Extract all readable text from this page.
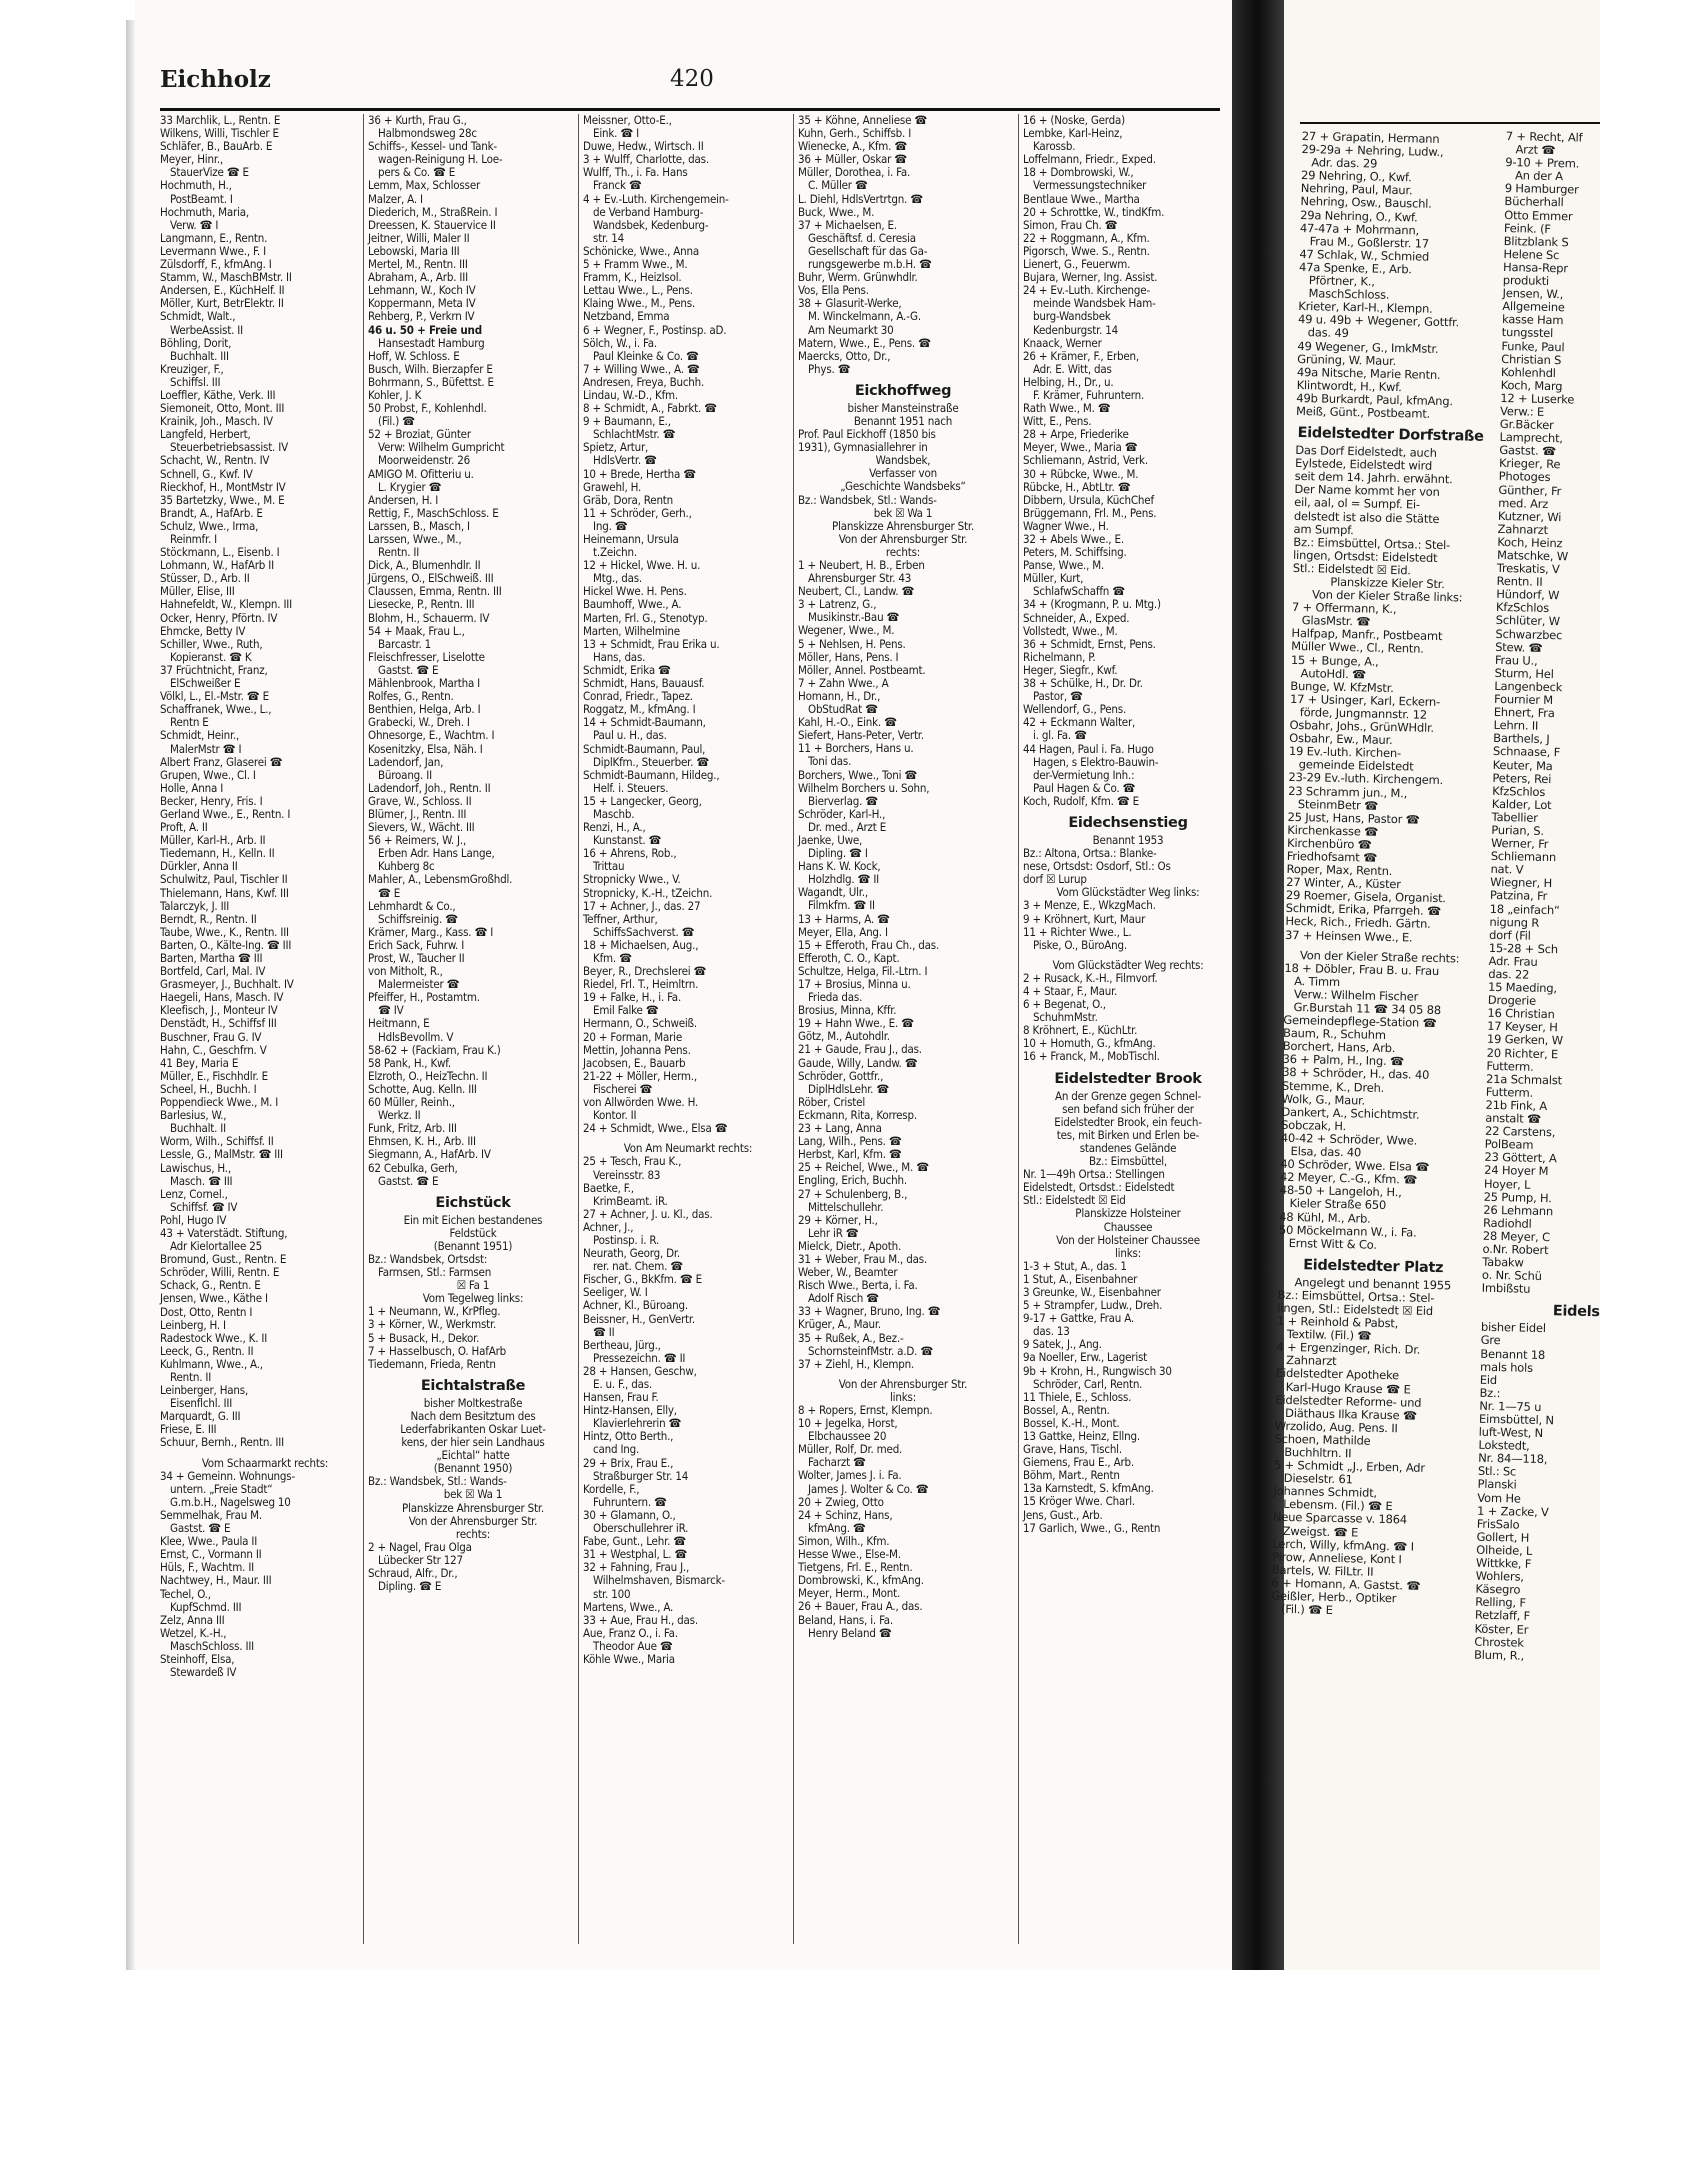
27 + Grapatin, Hermann
29-29a + Nehring, Ludw.,
Adr. das. 29
29 Nehring, O., Kwf.
Nehring, Paul, Maur.
Nehring, Osw., Bauschl.
29a Nehring, O., Kwf.
47-47a + Mohrmann,
Frau M., Goßlerstr. 17
47 Schlak, W., Schmied
47a Spenke, E., Arb.
Pförtner, K.,
MaschSchloss.
Krieter, Karl-H., Klempn.
49 u. 49b + Wegener, Gottfr.
das. 49
49 Wegener, G., ImkMstr.
Grüning, W. Maur.
49a Nitsche, Marie Rentn.
Klintwordt, H., Kwf.
49b Burkardt, Paul, kfmAng.
Meiß, Günt., Postbeamt.
Eidelstedter Dorfstraße
Das Dorf Eidelstedt, auch
Eylstede, Eidelstedt wird
seit dem 14. Jahrh. erwähnt.
Der Name kommt her von
eil, aal, ol = Sumpf. Ei-
delstedt ist also die Stätte
am Sumpf.
Bz.: Eimsbüttel, Ortsa.: Stel-
lingen, Ortsdst: Eidelstedt
Stl.: Eidelstedt ☒ Eid.
Planskizze Kieler Str.
Von der Kieler Straße links:
7 + Offermann, K.,
GlasMstr. ☎
Halfpap, Manfr., Postbeamt
Müller Wwe., Cl., Rentn.
15 + Bunge, A.,
AutoHdl. ☎
Bunge, W. KfzMstr.
17 + Usinger, Karl, Eckern-
förde, Jungmannstr. 12
Osbahr, Johs., GrünWHdlr.
Osbahr, Ew., Maur.
19 Ev.-luth. Kirchen-
gemeinde Eidelstedt
23-29 Ev.-luth. Kirchengem.
23 Schramm jun., M.,
SteinmBetr ☎
25 Just, Hans, Pastor ☎
Kirchenkasse ☎
Kirchenbüro ☎
Friedhofsamt ☎
Roper, Max, Rentn.
27 Winter, A., Küster
29 Roemer, Gisela, Organist.
Schmidt, Erika, Pfarrgeh. ☎
Heck, Rich., Friedh. Gärtn.
37 + Heinsen Wwe., E.
Von der Kieler Straße rechts:
18 + Döbler, Frau B. u. Frau
A. Timm
Verw.: Wilhelm Fischer
Gr.Burstah 11 ☎ 34 05 88
Gemeindepflege-Station ☎
Baum, R., Schuhm
Borchert, Hans, Arb.
36 + Palm, H., Ing. ☎
38 + Schröder, H., das. 40
Stemme, K., Dreh.
Wolk, G., Maur.
Dankert, A., Schichtmstr.
Sobczak, H.
40-42 + Schröder, Wwe.
Elsa, das. 40
40 Schröder, Wwe. Elsa ☎
42 Meyer, C.-G., Kfm. ☎
48-50 + Langeloh, H.,
Kieler Straße 650
48 Kühl, M., Arb.
50 Möckelmann W., i. Fa.
Ernst Witt & Co.
Eidelstedter Platz
Angelegt und benannt 1955
Bz.: Eimsbüttel, Ortsa.: Stel-
lingen, Stl.: Eidelstedt ☒ Eid
1 + Reinhold & Pabst,
Textilw. (Fil.) ☎
4 + Ergenzinger, Rich. Dr.
Zahnarzt
Eidelstedter Apotheke
Karl-Hugo Krause ☎ E
Eidelstedter Reforme- und
Diäthaus Ilka Krause ☎
Wrzolido, Aug. Pens. II
Schoen, Mathilde
Buchhltrn. II
5 + Schmidt „J., Erben, Adr
Dieselstr. 61
Johannes Schmidt,
Lebensm. (Fil.) ☎ E
Neue Sparcasse v. 1864
Zweigst. ☎ E
Lerch, Willy, kfmAng. ☎ I
Pirow, Anneliese, Kont I
Bartels, W. FilLtr. II
6 + Homann, A. Gastst. ☎
Geißler, Herb., Optiker
(Fil.) ☎ E
7 + Recht, Alf
Arzt ☎
9-10 + Prem.
An der A
9 Hamburger
Bücherhall
Otto Emmer
Feink. (F
Blitzblank S
Helene Sc
Hansa-Repr
produkti
Jensen, W.,
Allgemeine
kasse Ham
tungsstel
Funke, Paul
Christian S
Kohlenhdl
Koch, Marg
12 + Luserke
Verw.: E
Gr.Bäcker
Lamprecht,
Gastst. ☎
Krieger, Re
Photoges
Günther, Fr
med. Arz
Kutzner, Wi
Zahnarzt
Koch, Heinz
Matschke, W
Treskatis, V
Rentn. II
Hündorf, W
KfzSchlos
Schlüter, W
Schwarzbec
Stew. ☎
Frau U.,
Sturm, Hel
Langenbeck
Fournier M
Ehnert, Fra
Lehrn. II
Barthels, J
Schnaase, F
Keuter, Ma
Peters, Rei
KfzSchlos
Kalder, Lot
Tabellier
Purian, S.
Werner, Fr
Schliemann
nat. V
Wiegner, H
Patzina, Fr
18 „einfach“
nigung R
dorf (Fil
15-28 + Sch
Adr. Frau
das. 22
15 Maeding,
Drogerie
16 Christian
17 Keyser, H
19 Gerken, W
20 Richter, E
Futterm.
21a Schmalst
Futterm.
21b Fink, A
anstalt ☎
22 Carstens,
PolBeam
23 Göttert, A
24 Hoyer M
Hoyer, L
25 Pump, H.
26 Lehmann
Radiohdl
28 Meyer, C
o.Nr. Robert
Tabakw
o. Nr. Schü
Imbißstu
Eidels
bisher Eidel
Gre
Benannt 18
mals hols
Eid
Bz.:
Nr. 1—75 u
Eimsbüttel, N
luft-West, N
Lokstedt,
Nr. 84—118,
Stl.: Sc
Planski
Vom He
1 + Zacke, V
FrisSalo
Gollert, H
Olheide, L
Wittkke, F
Wohlers,
Käsegro
Relling, F
Retzlaff, F
Köster, Er
Chrostek
Blum, R.,
Eichholz	420
33 Marchlik, L., Rentn. E
Wilkens, Willi, Tischler E
Schläfer, B., BauArb. E
Meyer, Hinr.,
StauerVize ☎ E
Hochmuth, H.,
PostBeamt. I
Hochmuth, Maria,
Verw. ☎ I
Langmann, E., Rentn.
Levermann Wwe., F. I
Zülsdorff, F., kfmAng. I
Stamm, W., MaschBMstr. II
Andersen, E., KüchHelf. II
Möller, Kurt, BetrElektr. II
Schmidt, Walt.,
WerbeAssist. II
Böhling, Dorit,
Buchhalt. III
Kreuziger, F.,
Schiffsl. III
Loeffler, Käthe, Verk. III
Siemoneit, Otto, Mont. III
Krainik, Joh., Masch. IV
Langfeld, Herbert,
Steuerbetriebsassist. IV
Schacht, W., Rentn. IV
Schnell, G., Kwf. IV
Rieckhof, H., MontMstr IV
35 Bartetzky, Wwe., M. E
Brandt, A., HafArb. E
Schulz, Wwe., Irma,
Reinmfr. I
Stöckmann, L., Eisenb. I
Lohmann, W., HafArb II
Stüsser, D., Arb. II
Müller, Elise, III
Hahnefeldt, W., Klempn. III
Ocker, Henry, Pförtn. IV
Ehmcke, Betty IV
Schiller, Wwe., Ruth,
Kopieranst. ☎ K
37 Früchtnicht, Franz,
ElSchweißer E
Völkl, L., El.-Mstr. ☎ E
Schaffranek, Wwe., L.,
Rentn E
Schmidt, Heinr.,
MalerMstr ☎ I
Albert Franz, Glaserei ☎
Grupen, Wwe., Cl. I
Holle, Anna I
Becker, Henry, Fris. I
Gerland Wwe., E., Rentn. I
Proft, A. II
Müller, Karl-H., Arb. II
Tiedemann, H., Kelln. II
Dürkler, Anna II
Schulwitz, Paul, Tischler II
Thielemann, Hans, Kwf. III
Talarczyk, J. III
Berndt, R., Rentn. II
Taube, Wwe., K., Rentn. III
Barten, O., Kälte-Ing. ☎ III
Barten, Martha ☎ III
Bortfeld, Carl, Mal. IV
Grasmeyer, J., Buchhalt. IV
Haegeli, Hans, Masch. IV
Kleefisch, J., Monteur IV
Denstädt, H., Schiffsf III
Buschner, Frau G. IV
Hahn, C., Geschfrn. V
41 Bey, Maria E
Müller, E., Fischhdlr. E
Scheel, H., Buchh. I
Poppendieck Wwe., M. I
Barlesius, W.,
Buchhalt. II
Worm, Wilh., Schiffsf. II
Lessle, G., MalMstr. ☎ III
Lawischus, H.,
Masch. ☎ III
Lenz, Cornel.,
Schiffsf. ☎ IV
Pohl, Hugo IV
43 + Vaterstädt. Stiftung,
Adr Kielortallee 25
Bromund, Gust., Rentn. E
Schröder, Willi, Rentn. E
Schack, G., Rentn. E
Jensen, Wwe., Käthe I
Dost, Otto, Rentn I
Leinberg, H. I
Radestock Wwe., K. II
Leeck, G., Rentn. II
Kuhlmann, Wwe., A.,
Rentn. II
Leinberger, Hans,
Eisenflchl. III
Marquardt, G. III
Friese, E. III
Schuur, Bernh., Rentn. III
Vom Schaarmarkt rechts:
34 + Gemeinn. Wohnungs-
untern. „Freie Stadt“
G.m.b.H., Nagelsweg 10
Semmelhak, Frau M.
Gastst. ☎ E
Klee, Wwe., Paula II
Ernst, C., Vormann II
Hüls, F., Wachtm. II
Nachtwey, H., Maur. III
Techel, O.,
KupfSchmd. III
Zelz, Anna III
Wetzel, K.-H.,
MaschSchloss. III
Steinhoff, Elsa,
Stewardeß IV
36 + Kurth, Frau G.,
Halbmondsweg 28c
Schiffs-, Kessel- und Tank-
wagen-Reinigung H. Loe-
pers & Co. ☎ E
Lemm, Max, Schlosser
Malzer, A. I
Diederich, M., StraßRein. I
Dreessen, K. Stauervice II
Jeitner, Willi, Maler II
Lebowski, Maria III
Mertel, M., Rentn. III
Abraham, A., Arb. III
Lehmann, W., Koch IV
Koppermann, Meta IV
Rehberg, P., Verkrn IV
46 u. 50 + Freie und
Hansestadt Hamburg
Hoff, W. Schloss. E
Busch, Wilh. Bierzapfer E
Bohrmann, S., Büfettst. E
Kohler, J. K
50 Probst, F., Kohlenhdl.
(Fil.) ☎
52 + Broziat, Günter
Verw: Wilhelm Gumpricht
Moorweidenstr. 26
AMIGO M. Ofitteriu u.
L. Krygier ☎
Andersen, H. I
Rettig, F., MaschSchloss. E
Larssen, B., Masch, I
Larssen, Wwe., M.,
Rentn. II
Dick, A., Blumenhdlr. II
Jürgens, O., ElSchweiß. III
Claussen, Emma, Rentn. III
Liesecke, P., Rentn. III
Blohm, H., Schauerm. IV
54 + Maak, Frau L.,
Barcastr. 1
Fleischfresser, Liselotte
Gastst. ☎ E
Mählenbrook, Martha I
Rolfes, G., Rentn.
Benthien, Helga, Arb. I
Grabecki, W., Dreh. I
Ohnesorge, E., Wachtm. I
Kosenitzky, Elsa, Näh. I
Ladendorf, Jan,
Büroang. II
Ladendorf, Joh., Rentn. II
Grave, W., Schloss. II
Blümer, J., Rentn. III
Sievers, W., Wächt. III
56 + Reimers, W. J.,
Erben Adr. Hans Lange,
Kuhberg 8c
Mahler, A., LebensmGroßhdl.
☎ E
Lehmhardt & Co.,
Schiffsreinig. ☎
Krämer, Marg., Kass. ☎ I
Erich Sack, Fuhrw. I
Prost, W., Taucher II
von Mitholt, R.,
Malermeister ☎
Pfeiffer, H., Postamtm.
☎ IV
Heitmann, E
HdlsBevollm. V
58-62 + (Fackiam, Frau K.)
58 Pank, H., Kwf.
Elzroth, O., HeizTechn. II
Schotte, Aug. Kelln. III
60 Müller, Reinh.,
Werkz. II
Funk, Fritz, Arb. III
Ehmsen, K. H., Arb. III
Siegmann, A., HafArb. IV
62 Cebulka, Gerh,
Gastst. ☎ E
Eichstück
Ein mit Eichen bestandenes
Feldstück
(Benannt 1951)
Bz.: Wandsbek, Ortsdst:
Farmsen, Stl.: Farmsen
☒ Fa 1
Vom Tegelweg links:
1 + Neumann, W., KrPfleg.
3 + Körner, W., Werkmstr.
5 + Busack, H., Dekor.
7 + Hasselbusch, O. HafArb
Tiedemann, Frieda, Rentn
Eichtalstraße
bisher Moltkestraße
Nach dem Besitztum des
Lederfabrikanten Oskar Luet-
kens, der hier sein Landhaus
„Eichtal“ hatte
(Benannt 1950)
Bz.: Wandsbek, Stl.: Wands-
bek ☒ Wa 1
Planskizze Ahrensburger Str.
Von der Ahrensburger Str.
rechts:
2 + Nagel, Frau Olga
Lübecker Str 127
Schraud, Alfr., Dr.,
Dipling. ☎ E
Meissner, Otto-E.,
Eink. ☎ I
Duwe, Hedw., Wirtsch. II
3 + Wulff, Charlotte, das.
Wulff, Th., i. Fa. Hans
Franck ☎
4 + Ev.-Luth. Kirchengemein-
de Verband Hamburg-
Wandsbek, Kedenburg-
str. 14
Schönicke, Wwe., Anna
5 + Framm Wwe., M.
Framm, K., HeizIsol.
Lettau Wwe., L., Pens.
Klaing Wwe., M., Pens.
Netzband, Emma
6 + Wegner, F., Postinsp. aD.
Sölch, W., i. Fa.
Paul Kleinke & Co. ☎
7 + Willing Wwe., A. ☎
Andresen, Freya, Buchh.
Lindau, W.-D., Kfm.
8 + Schmidt, A., Fabrkt. ☎
9 + Baumann, E.,
SchlachtMstr. ☎
Spietz, Artur,
HdlsVertr. ☎
10 + Brede, Hertha ☎
Grawehl, H.
Gräb, Dora, Rentn
11 + Schröder, Gerh.,
Ing. ☎
Heinemann, Ursula
t.Zeichn.
12 + Hickel, Wwe. H. u.
Mtg., das.
Hickel Wwe. H. Pens.
Baumhoff, Wwe., A.
Marten, Frl. G., Stenotyp.
Marten, Wilhelmine
13 + Schmidt, Frau Erika u.
Hans, das.
Schmidt, Erika ☎
Schmidt, Hans, Bauausf.
Conrad, Friedr., Tapez.
Roggatz, M., kfmAng. I
14 + Schmidt-Baumann,
Paul u. H., das.
Schmidt-Baumann, Paul,
DiplKfm., Steuerber. ☎
Schmidt-Baumann, Hildeg.,
Helf. i. Steuers.
15 + Langecker, Georg,
Maschb.
Renzi, H., A.,
Kunstanst. ☎
16 + Ahrens, Rob.,
Trittau
Stropnicky Wwe., V.
Stropnicky, K.-H., tZeichn.
17 + Achner, J., das. 27
Teffner, Arthur,
SchiffsSachverst. ☎
18 + Michaelsen, Aug.,
Kfm. ☎
Beyer, R., Drechslerei ☎
Riedel, Frl. T., Heimltrn.
19 + Falke, H., i. Fa.
Emil Falke ☎
Hermann, O., Schweiß.
20 + Forman, Marie
Mettin, Johanna Pens.
Jacobsen, E., Bauarb
21-22 + Möller, Herm.,
Fischerei ☎
von Allwörden Wwe. H.
Kontor. II
24 + Schmidt, Wwe., Elsa ☎
Von Am Neumarkt rechts:
25 + Tesch, Frau K.,
Vereinsstr. 83
Baetke, F.,
KrimBeamt. iR.
27 + Achner, J. u. Kl., das.
Achner, J.,
Postinsp. i. R.
Neurath, Georg, Dr.
rer. nat. Chem. ☎
Fischer, G., BkKfm. ☎ E
Seeliger, W. I
Achner, Kl., Büroang.
Beissner, H., GenVertr.
☎ II
Bertheau, Jürg.,
Pressezeichn. ☎ II
28 + Hansen, Geschw,
E. u. F., das.
Hansen, Frau F.
Hintz-Hansen, Elly,
Klavierlehrerin ☎
Hintz, Otto Berth.,
cand Ing.
29 + Brix, Frau E.,
Straßburger Str. 14
Kordelle, F.,
Fuhruntern. ☎
30 + Glamann, O.,
Oberschullehrer iR.
Fabe, Gunt., Lehr. ☎
31 + Westphal, L. ☎
32 + Fahning, Frau J.,
Wilhelmshaven, Bismarck-
str. 100
Martens, Wwe., A.
33 + Aue, Frau H., das.
Aue, Franz O., i. Fa.
Theodor Aue ☎
Köhle Wwe., Maria
35 + Köhne, Anneliese ☎
Kuhn, Gerh., Schiffsb. I
Wienecke, A., Kfm. ☎
36 + Müller, Oskar ☎
Müller, Dorothea, i. Fa.
C. Müller ☎
L. Diehl, HdlsVertrtgn. ☎
Buck, Wwe., M.
37 + Michaelsen, E.
Geschäftsf. d. Ceresia
Gesellschaft für das Ga-
rungsgewerbe m.b.H. ☎
Buhr, Werm. Grünwhdlr.
Vos, Ella Pens.
38 + Glasurit-Werke,
M. Winckelmann, A.-G.
Am Neumarkt 30
Matern, Wwe., E., Pens. ☎
Maercks, Otto, Dr.,
Phys. ☎
Eickhoffweg
bisher Mansteinstraße
Benannt 1951 nach
Prof. Paul Eickhoff (1850 bis
1931), Gymnasiallehrer in
Wandsbek,
Verfasser von
„Geschichte Wandsbeks“
Bz.: Wandsbek, Stl.: Wands-
bek ☒ Wa 1
Planskizze Ahrensburger Str.
Von der Ahrensburger Str.
rechts:
1 + Neubert, H. B., Erben
Ahrensburger Str. 43
Neubert, Cl., Landw. ☎
3 + Latrenz, G.,
Musikinstr.-Bau ☎
Wegener, Wwe., M.
5 + Nehlsen, H. Pens.
Möller, Hans, Pens. I
Möller, Annel. Postbeamt.
7 + Zahn Wwe., A
Homann, H., Dr.,
ObStudRat ☎
Kahl, H.-O., Eink. ☎
Siefert, Hans-Peter, Vertr.
11 + Borchers, Hans u.
Toni das.
Borchers, Wwe., Toni ☎
Wilhelm Borchers u. Sohn,
Bierverlag. ☎
Schröder, Karl-H.,
Dr. med., Arzt E
Jaenke, Uwe,
Dipling. ☎ I
Hans K. W. Kock,
Holzhdlg. ☎ II
Wagandt, Ulr.,
Filmkfm. ☎ II
13 + Harms, A. ☎
Meyer, Ella, Ang. I
15 + Efferoth, Frau Ch., das.
Efferoth, C. O., Kapt.
Schultze, Helga, Fil.-Ltrn. I
17 + Brosius, Minna u.
Frieda das.
Brosius, Minna, Kffr.
19 + Hahn Wwe., E. ☎
Götz, M., Autohdlr.
21 + Gaude, Frau J., das.
Gaude, Willy, Landw. ☎
Schröder, Gottfr.,
DiplHdlsLehr. ☎
Röber, Cristel
Eckmann, Rita, Korresp.
23 + Lang, Anna
Lang, Wilh., Pens. ☎
Herbst, Karl, Kfm. ☎
25 + Reichel, Wwe., M. ☎
Engling, Erich, Buchh.
27 + Schulenberg, B.,
Mittelschullehr.
29 + Körner, H.,
Lehr iR ☎
Mielck, Dietr., Apoth.
31 + Weber, Frau M., das.
Weber, W., Beamter
Risch Wwe., Berta, i. Fa.
Adolf Risch ☎
33 + Wagner, Bruno, Ing. ☎
Krüger, A., Maur.
35 + Rußek, A., Bez.-
SchornsteinfMstr. a.D. ☎
37 + Ziehl, H., Klempn.
Von der Ahrensburger Str.
links:
8 + Ropers, Ernst, Klempn.
10 + Jegelka, Horst,
Elbchaussee 20
Müller, Rolf, Dr. med.
Facharzt ☎
Wolter, James J. i. Fa.
James J. Wolter & Co. ☎
20 + Zwieg, Otto
24 + Schinz, Hans,
kfmAng. ☎
Simon, Wilh., Kfm.
Hesse Wwe., Else-M.
Tietgens, Frl. E., Rentn.
Dombrowski, K., kfmAng.
Meyer, Herm., Mont.
26 + Bauer, Frau A., das.
Beland, Hans, i. Fa.
Henry Beland ☎
16 + (Noske, Gerda)
Lembke, Karl-Heinz,
Karossb.
Loffelmann, Friedr., Exped.
18 + Dombrowski, W.,
Vermessungstechniker
Bentlaue Wwe., Martha
20 + Schrottke, W., tindKfm.
Simon, Frau Ch. ☎
22 + Roggmann, A., Kfm.
Pigorsch, Wwe. S., Rentn.
Lienert, G., Feuerwm.
Bujara, Werner, Ing. Assist.
24 + Ev.-Luth. Kirchenge-
meinde Wandsbek Ham-
burg-Wandsbek
Kedenburgstr. 14
Knaack, Werner
26 + Krämer, F., Erben,
Adr. E. Witt, das
Helbing, H., Dr., u.
F. Krämer, Fuhruntern.
Rath Wwe., M. ☎
Witt, E., Pens.
28 + Arpe, Friederike
Meyer, Wwe., Maria ☎
Schliemann, Astrid, Verk.
30 + Rübcke, Wwe., M.
Rübcke, H., AbtLtr. ☎
Dibbern, Ursula, KüchChef
Brüggemann, Frl. M., Pens.
Wagner Wwe., H.
32 + Abels Wwe., E.
Peters, M. Schiffsing.
Panse, Wwe., M.
Müller, Kurt,
SchlafwSchaffn ☎
34 + (Krogmann, P. u. Mtg.)
Schneider, A., Exped.
Vollstedt, Wwe., M.
36 + Schmidt, Ernst, Pens.
Richelmann, P.
Heger, Siegfr., Kwf.
38 + Schülke, H., Dr. Dr.
Pastor, ☎
Wellendorf, G., Pens.
42 + Eckmann Walter,
i. gl. Fa. ☎
44 Hagen, Paul i. Fa. Hugo
Hagen, s Elektro-Bauwin-
der-Vermietung Inh.:
Paul Hagen & Co. ☎
Koch, Rudolf, Kfm. ☎ E
Eidechsenstieg
Benannt 1953
Bz.: Altona, Ortsa.: Blanke-
nese, Ortsdst: Osdorf, Stl.: Os
dorf ☒ Lurup
Vom Glückstädter Weg links:
3 + Menze, E., WkzgMach.
9 + Kröhnert, Kurt, Maur
11 + Richter Wwe., L.
Piske, O., BüroAng.
Vom Glückstädter Weg rechts:
2 + Rusack, K.-H., Filmvorf.
4 + Staar, F., Maur.
6 + Begenat, O.,
SchuhmMstr.
8 Kröhnert, E., KüchLtr.
10 + Homuth, G., kfmAng.
16 + Franck, M., MobTischl.
Eidelstedter Brook
An der Grenze gegen Schnel-
sen befand sich früher der
Eidelstedter Brook, ein feuch-
tes, mit Birken und Erlen be-
standenes Gelände
Bz.: Eimsbüttel,
Nr. 1—49h Ortsa.: Stellingen
Eidelstedt, Ortsdst.: Eidelstedt
Stl.: Eidelstedt ☒ Eid
Planskizze Holsteiner
Chaussee
Von der Holsteiner Chaussee
links:
1-3 + Stut, A., das. 1
1 Stut, A., Eisenbahner
3 Greunke, W., Eisenbahner
5 + Strampfer, Ludw., Dreh.
9-17 + Gattke, Frau A.
das. 13
9 Satek, J., Ang.
9a Noeller, Erw., Lagerist
9b + Krohn, H., Rungwisch 30
Schröder, Carl, Rentn.
11 Thiele, E., Schloss.
Bossel, A., Rentn.
Bossel, K.-H., Mont.
13 Gattke, Heinz, Ellng.
Grave, Hans, Tischl.
Giemens, Frau E., Arb.
Böhm, Mart., Rentn
13a Karnstedt, S. kfmAng.
15 Kröger Wwe. Charl.
Jens, Gust., Arb.
17 Garlich, Wwe., G., Rentn
